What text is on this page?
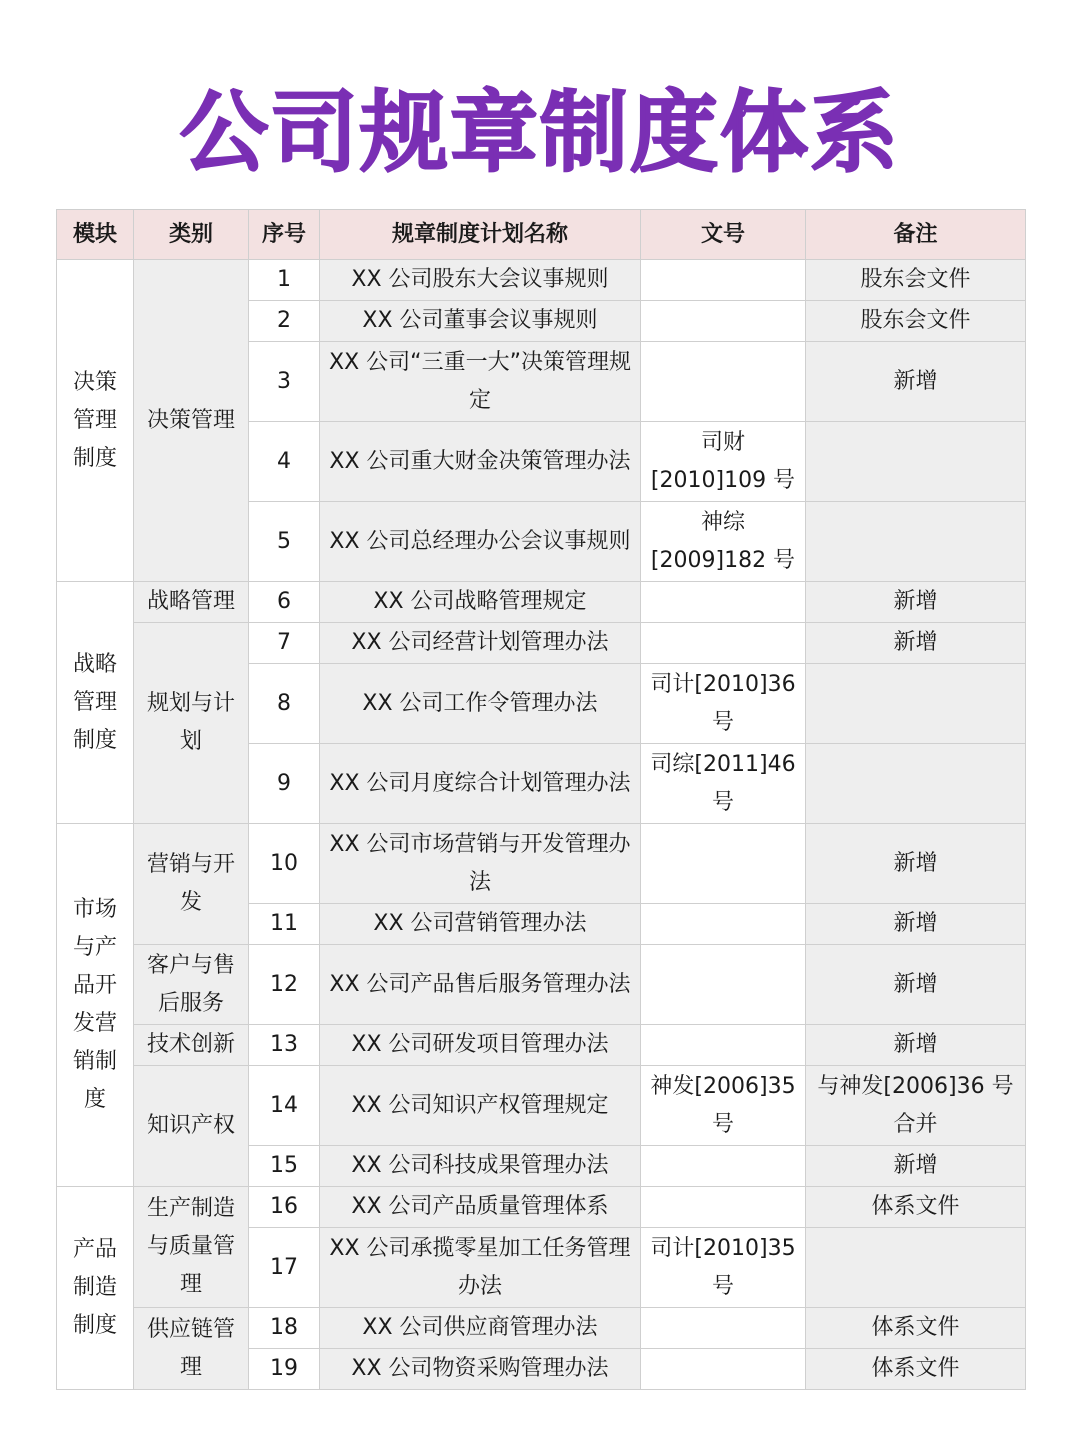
公司规章制度体系
模块	类别	序号	规章制度计划名称	文号	备注
决策管理制度	决策管理	1	XX 公司股东大会议事规则		股东会文件
		2	XX 公司董事会议事规则		股东会文件
		3	XX 公司“三重一大”决策管理规定		新增
		4	XX 公司重大财金决策管理办法	司财[2010]109 号	
		5	XX 公司总经理办公会议事规则	神综[2009]182 号	
战略管理制度	战略管理	6	XX 公司战略管理规定		新增
	规划与计划	7	XX 公司经营计划管理办法		新增
		8	XX 公司工作令管理办法	司计[2010]36 号	
		9	XX 公司月度综合计划管理办法	司综[2011]46 号	
市场与产品开发营销制度	营销与开发	10	XX 公司市场营销与开发管理办法		新增
		11	XX 公司营销管理办法		新增
	客户与售后服务	12	XX 公司产品售后服务管理办法		新增
	技术创新	13	XX 公司研发项目管理办法		新增
	知识产权	14	XX 公司知识产权管理规定	神发[2006]35 号	与神发[2006]36 号合并
		15	XX 公司科技成果管理办法		新增
产品制造制度	生产制造与质量管理	16	XX 公司产品质量管理体系		体系文件
		17	XX 公司承揽零星加工任务管理办法	司计[2010]35 号	
	供应链管理	18	XX 公司供应商管理办法		体系文件
		19	XX 公司物资采购管理办法		体系文件
